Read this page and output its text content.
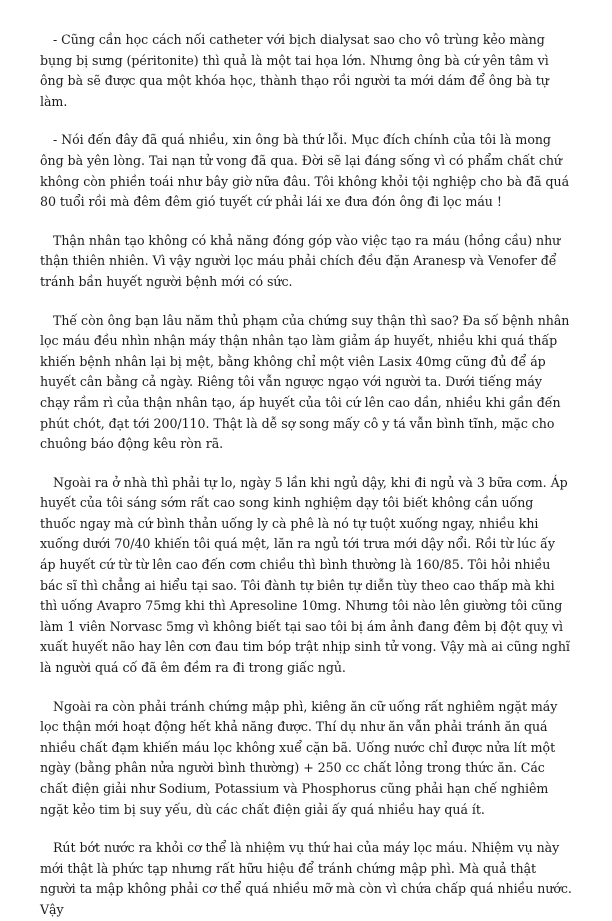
- Cũng cần học cách nối catheter với bịch dialysat sao cho vô trùng kẻo màng bụng bị sưng (péritonite) thì quả là một tai họa lớn. Nhưng ông bà cứ yên tâm vì ông bà sẽ được qua một khóa học, thành thạo rồi người ta mới dám để ông bà tự làm.

- Nói đến đây đã quá nhiều, xin ông bà thứ lỗi. Mục đích chính của tôi là mong ông bà yên lòng. Tai nạn tử vong đã qua. Đời sẽ lại đáng sống vì có phẩm chất chứ không còn phiền toái như bây giờ nữa đâu. Tôi không khỏi tội nghiệp cho bà đã quá 80 tuổi rồi mà đêm đêm gió tuyết cứ phải lái xe đưa đón ông đi lọc máu !

Thận nhân tạo không có khả năng đóng góp vào việc tạo ra máu (hồng cầu) như thận thiên nhiên. Vì vậy người lọc máu phải chích đều đặn Aranesp và Venofer để tránh bần huyết người bệnh mới có sức.

Thế còn ông bạn lâu năm thủ phạm của chứng suy thận thì sao? Đa số bệnh nhân lọc máu đều nhìn nhận máy thận nhân tạo làm giảm áp huyết, nhiều khi quá thấp khiến bệnh nhân lại bị mệt, bằng không chỉ một viên Lasix 40mg cũng đủ để áp huyết cân bằng cả ngày. Riêng tôi vẫn ngược ngạo với người ta. Dưới tiếng máy chạy rầm rì của thận nhân tạo, áp huyết của tôi cứ lên cao dần, nhiều khi gần đến phút chót, đạt tới 200/110. Thật là dễ sợ song mấy cô y tá vẫn bình tĩnh, mặc cho chuông báo động kêu ròn rã.

Ngoài ra ở nhà thì phải tự lo, ngày 5 lần khi ngủ dậy, khi đi ngủ và 3 bữa cơm. Áp huyết của tôi sáng sớm rất cao song kinh nghiệm dạy tôi biết không cần uống thuốc ngay mà cứ bình thản uống ly cà phê là nó tự tuột xuống ngay, nhiều khi xuống dưới 70/40 khiến tôi quá mệt, lăn ra ngủ tới trưa mới dậy nổi. Rồi từ lúc ấy áp huyết cứ từ từ lên cao đến cơm chiều thì bình thường là 160/85. Tôi hỏi nhiều bác sĩ thì chẳng ai hiểu tại sao. Tôi đành tự biên tự diễn tùy theo cao thấp mà khi thì uống Avapro 75mg khi thì Apresoline 10mg. Nhưng tôi nào lên giường tôi cũng làm 1 viên Norvasc 5mg vì không biết tại sao tôi bị ám ảnh đang đêm bị đột quỵ vì xuất huyết não hay lên cơn đau tim bóp trật nhịp sinh tử vong. Vậy mà ai cũng nghĩ là người quá cố đã êm đềm ra đi trong giấc ngủ.

Ngoài ra còn phải tránh chứng mập phì, kiêng ăn cữ uống rất nghiêm ngặt máy lọc thận mới hoạt động hết khả năng được. Thí dụ như ăn vẫn phải tránh ăn quá nhiều chất đạm khiến máu lọc không xuể cặn bã. Uống nước chỉ được nửa lít một ngày (bằng phân nửa người bình thường) + 250 cc chất lỏng trong thức ăn. Các chất điện giải như Sodium, Potassium và Phosphorus cũng phải hạn chế nghiêm ngặt kẻo tim bị suy yếu, dù các chất điện giải ấy quá nhiều hay quá ít.

Rút bớt nước ra khỏi cơ thể là nhiệm vụ thứ hai của máy lọc máu. Nhiệm vụ này mới thật là phức tạp nhưng rất hữu hiệu để tránh chứng mập phì. Mà quả thật người ta mập không phải cơ thể quá nhiều mỡ mà còn vì chứa chấp quá nhiều nước. Vậy
